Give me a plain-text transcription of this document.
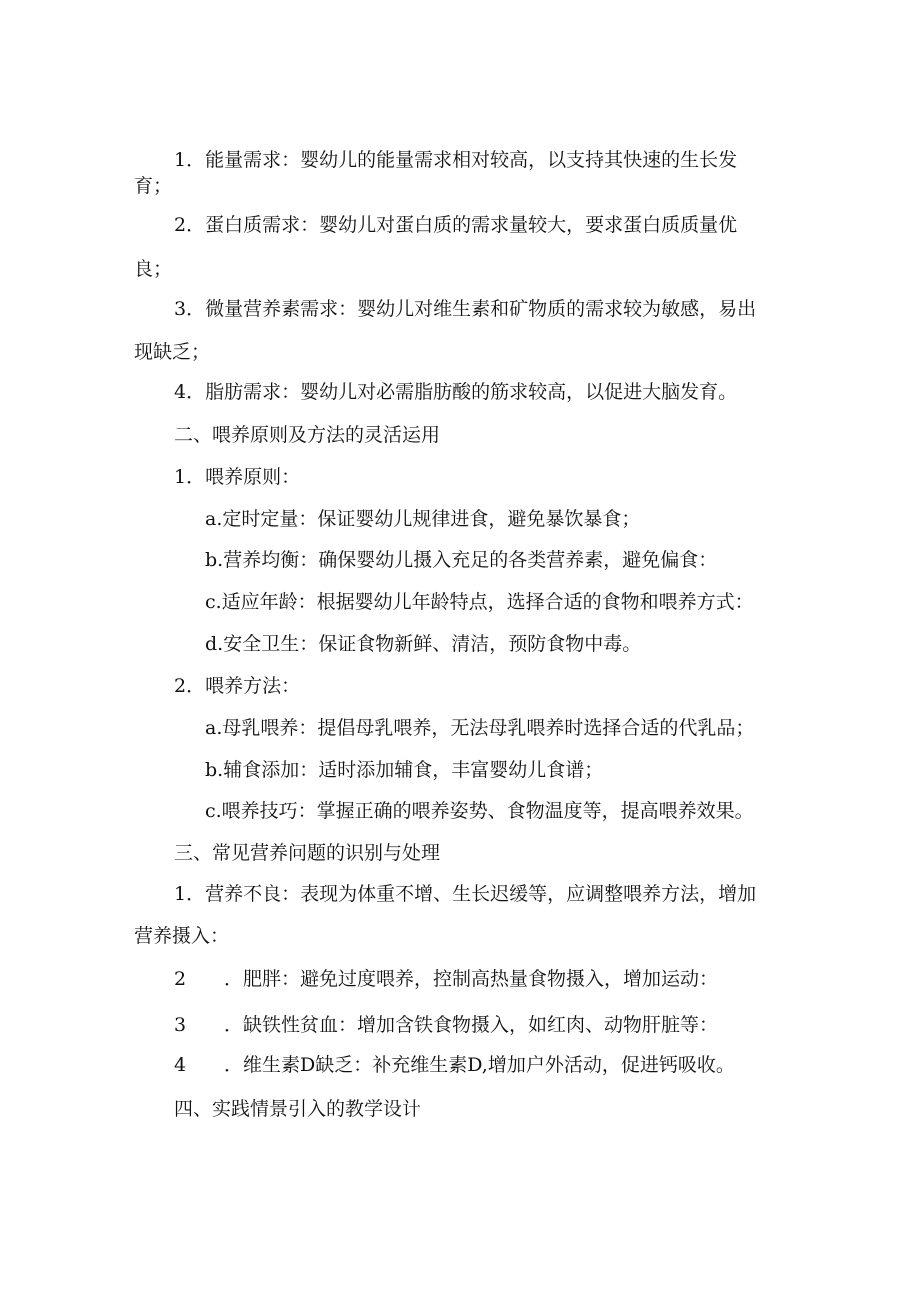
1．能量需求：婴幼儿的能量需求相对较高，以支持其快速的生长发
育；
2．蛋白质需求：婴幼儿对蛋白质的需求量较大，要求蛋白质质量优
良；
3．微量营养素需求：婴幼儿对维生素和矿物质的需求较为敏感，易出
现缺乏；
4．脂肪需求：婴幼儿对必需脂肪酸的筋求较高，以促进大脑发育。
二、喂养原则及方法的灵活运用
1．喂养原则：
a.定时定量：保证婴幼儿规律进食，避免暴饮暴食；
b.营养均衡：确保婴幼儿摄入充足的各类营养素，避免偏食：
c.适应年龄：根据婴幼儿年龄特点，选择合适的食物和喂养方式：
d.安全卫生：保证食物新鲜、清洁，预防食物中毒。
2．喂养方法：
a.母乳喂养：提倡母乳喂养，无法母乳喂养时选择合适的代乳品；
b.辅食添加：适时添加辅食，丰富婴幼儿食谱；
c.喂养技巧：掌握正确的喂养姿势、食物温度等，提高喂养效果。
三、常见营养问题的识别与处理
1．营养不良：表现为体重不增、生长迟缓等，应调整喂养方法，增加
营养摄入：
2 ．肥胖：避免过度喂养，控制高热量食物摄入，增加运动：
3 ．缺铁性贫血：增加含铁食物摄入，如红肉、动物肝脏等：
4 ．维生素D缺乏：补充维生素D,增加户外活动，促进钙吸收。
四、实践情景引入的教学设计
